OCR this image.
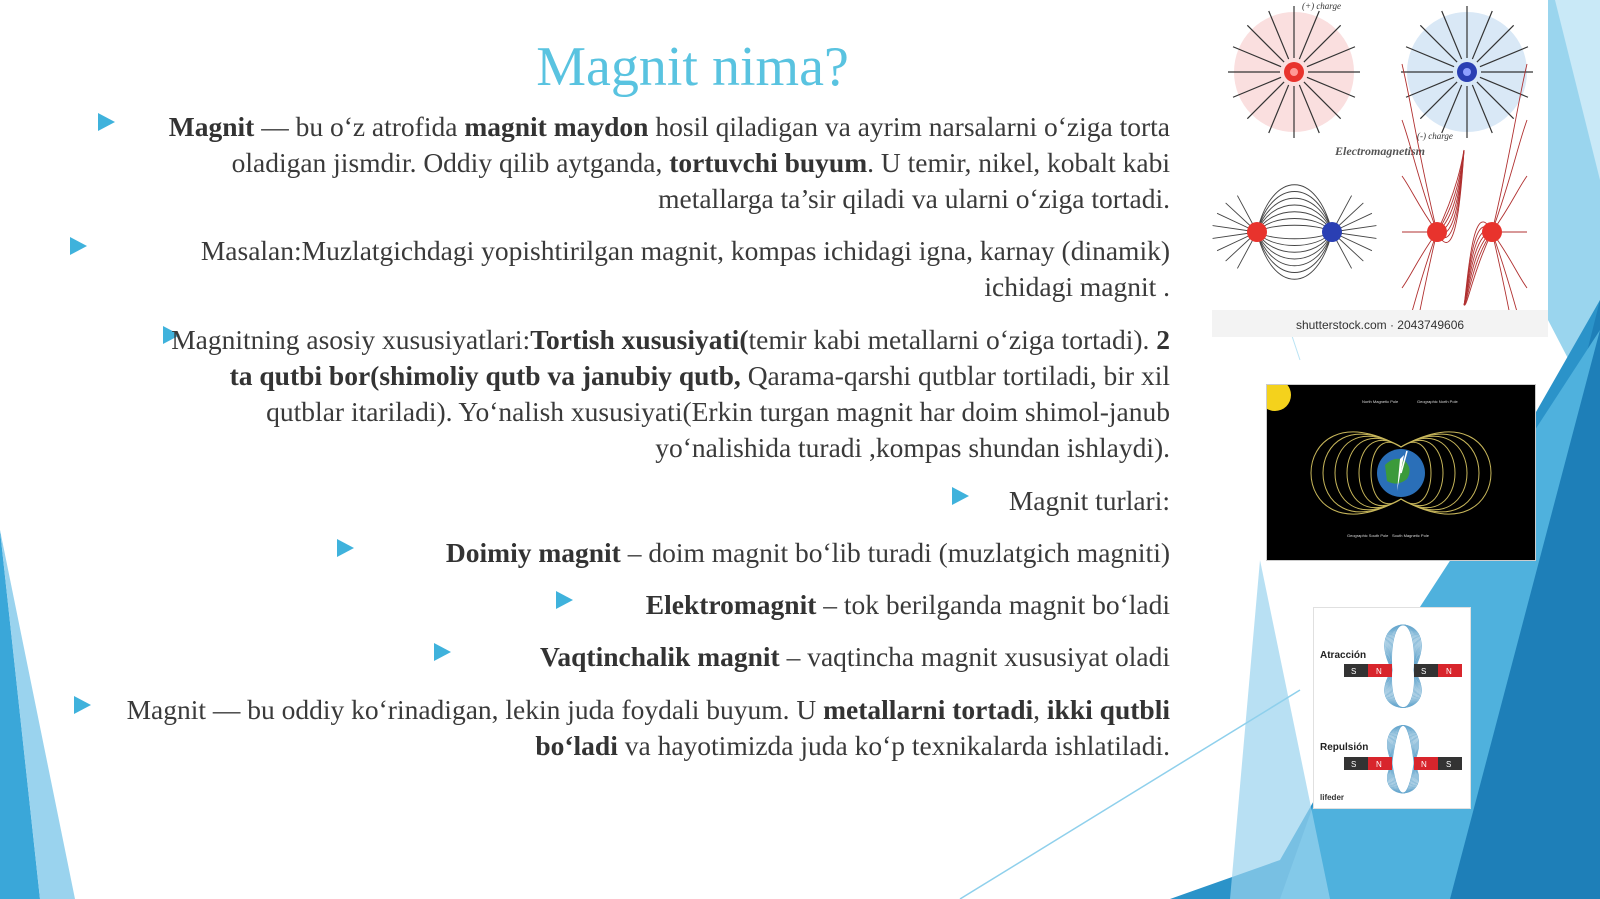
Magnit nima?

Magnit — bu o‘z atrofida magnit maydon hosil qiladigan va ayrim narsalarni o‘ziga torta oladigan jismdir. Oddiy qilib aytganda, tortuvchi buyum. U temir, nikel, kobalt kabi metallarga ta’sir qiladi va ularni o‘ziga tortadi.

Masalan:Muzlatgichdagi yopishtirilgan magnit, kompas ichidagi igna, karnay (dinamik) ichidagi magnit .

Magnitning asosiy xususiyatlari:Tortish xususiyati(temir kabi metallarni o‘ziga tortadi). 2 ta qutbi bor(shimoliy qutb va janubiy qutb, Qarama-qarshi qutblar tortiladi, bir xil qutblar itariladi). Yo‘nalish xususiyati(Erkin turgan magnit har doim shimol-janub yo‘nalishida turadi ,kompas shundan ishlaydi).

Magnit turlari:

Doimiy magnit – doim magnit bo‘lib turadi (muzlatgich magniti)

Elektromagnit – tok berilganda magnit bo‘ladi

Vaqtinchalik magnit – vaqtincha magnit xususiyat oladi

Magnit — bu oddiy ko‘rinadigan, lekin juda foydali buyum. U metallarni tortadi, ikki qutbli bo‘ladi va hayotimizda juda ko‘p texnikalarda ishlatiladi.

(+) charge
(-) charge
Electromagnetism
shutterstock.com · 2043749606
North Magnetic Pole	Geographic North Pole
Geographic South Pole South Magnetic Pole
Atracción
S N	S N
Repulsión
S N	N S
lifeder
